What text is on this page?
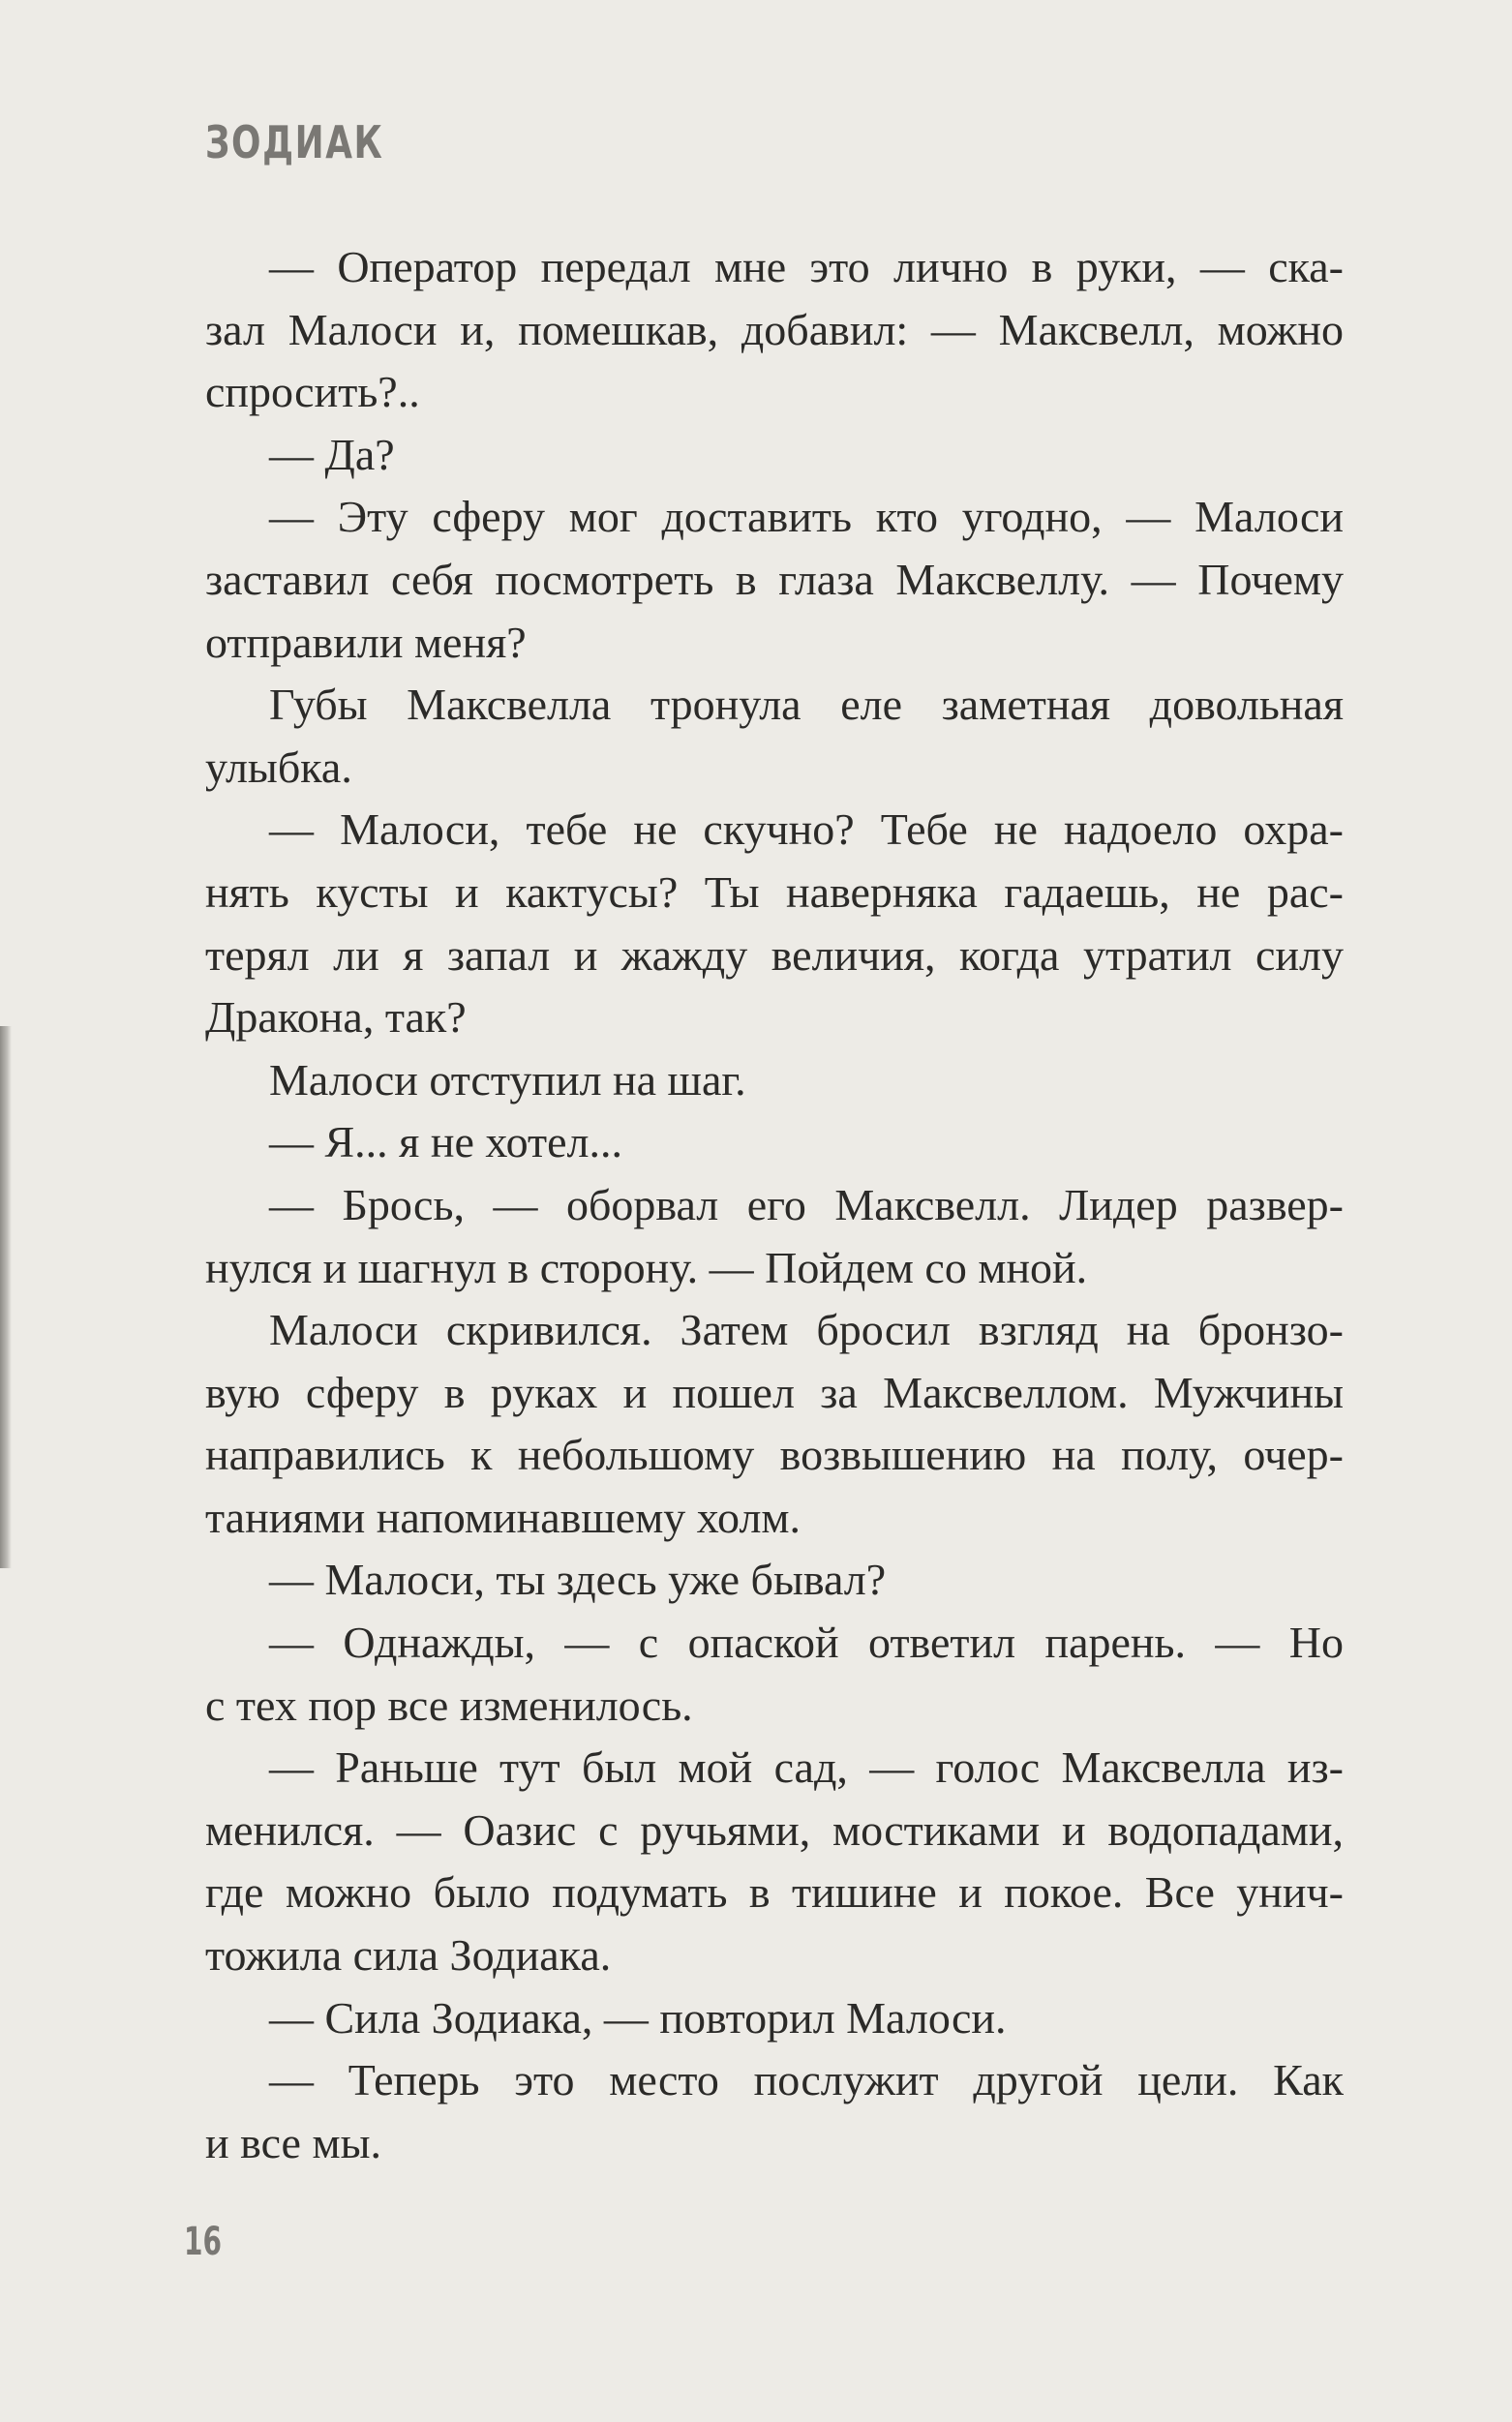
ЗОДИАК
— Оператор передал мне это лично в руки, — ска-
зал Малоси и, помешкав, добавил: — Максвелл, можно
спросить?..
— Да?
— Эту сферу мог доставить кто угодно, — Малоси
заставил себя посмотреть в глаза Максвеллу. — Почему
отправили меня?
Губы Максвелла тронула еле заметная довольная
улыбка.
— Малоси, тебе не скучно? Тебе не надоело охра-
нять кусты и кактусы? Ты наверняка гадаешь, не рас-
терял ли я запал и жажду величия, когда утратил силу
Дракона, так?
Малоси отступил на шаг.
— Я... я не хотел...
— Брось, — оборвал его Максвелл. Лидер развер-
нулся и шагнул в сторону. — Пойдем со мной.
Малоси скривился. Затем бросил взгляд на бронзо-
вую сферу в руках и пошел за Максвеллом. Мужчины
направились к небольшому возвышению на полу, очер-
таниями напоминавшему холм.
— Малоси, ты здесь уже бывал?
— Однажды, — с опаской ответил парень. — Но
с тех пор все изменилось.
— Раньше тут был мой сад, — голос Максвелла из-
менился. — Оазис с ручьями, мостиками и водопадами,
где можно было подумать в тишине и покое. Все унич-
тожила сила Зодиака.
— Сила Зодиака, — повторил Малоси.
— Теперь это место послужит другой цели. Как
и все мы.
16
